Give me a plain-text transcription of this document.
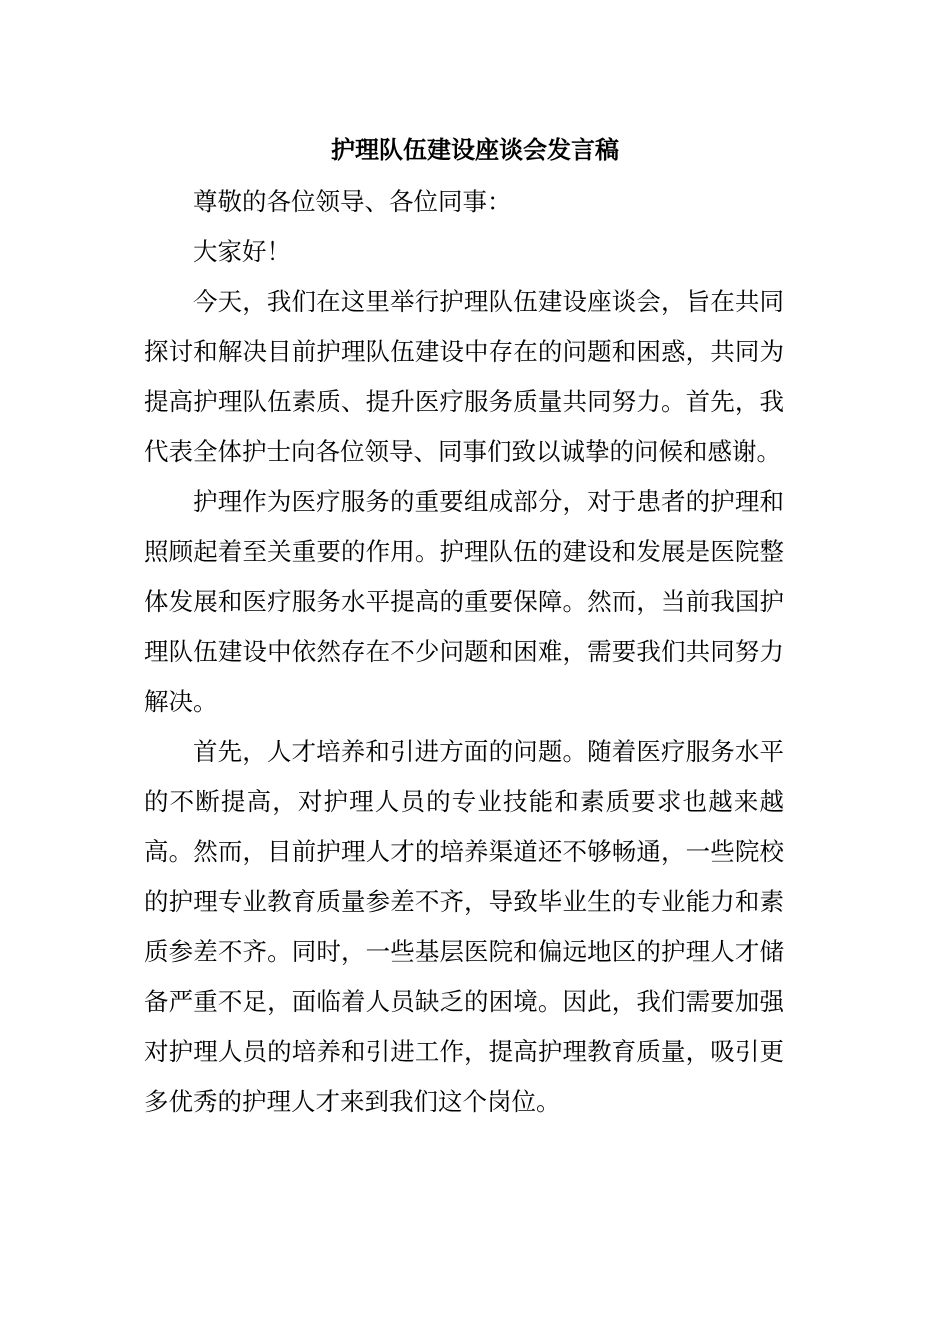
护理队伍建设座谈会发言稿

尊敬的各位领导、各位同事：

大家好！

今天，我们在这里举行护理队伍建设座谈会，旨在共同探讨和解决目前护理队伍建设中存在的问题和困惑，共同为提高护理队伍素质、提升医疗服务质量共同努力。首先，我代表全体护士向各位领导、同事们致以诚挚的问候和感谢。

护理作为医疗服务的重要组成部分，对于患者的护理和照顾起着至关重要的作用。护理队伍的建设和发展是医院整体发展和医疗服务水平提高的重要保障。然而，当前我国护理队伍建设中依然存在不少问题和困难，需要我们共同努力解决。

首先，人才培养和引进方面的问题。随着医疗服务水平的不断提高，对护理人员的专业技能和素质要求也越来越高。然而，目前护理人才的培养渠道还不够畅通，一些院校的护理专业教育质量参差不齐，导致毕业生的专业能力和素质参差不齐。同时，一些基层医院和偏远地区的护理人才储备严重不足，面临着人员缺乏的困境。因此，我们需要加强对护理人员的培养和引进工作，提高护理教育质量，吸引更多优秀的护理人才来到我们这个岗位。
